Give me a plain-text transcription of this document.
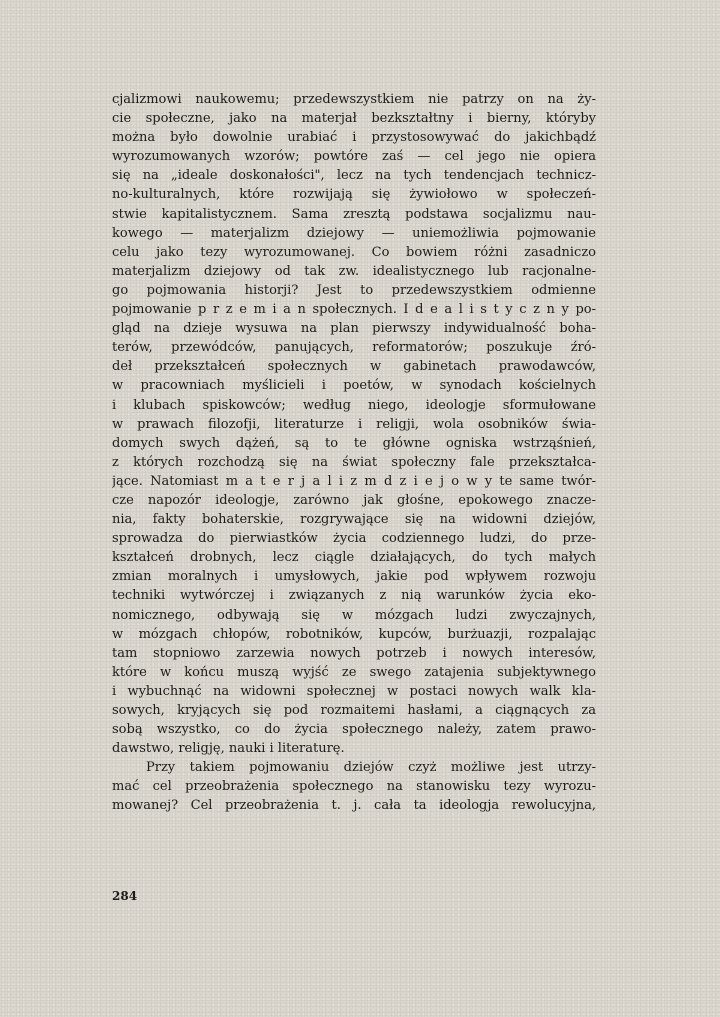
cjalizmowi naukowemu; przedewszystkiem nie patrzy on na ży-
cie społeczne, jako na materjał bezkształtny i bierny, któryby
można było dowolnie urabiać i przystosowywać do jakichbądź
wyrozumowanych wzorów; powtóre zaś — cel jego nie opiera
się na „ideale doskonałości", lecz na tych tendencjach technicz-
no-kulturalnych, które rozwijają się żywiołowo w społeczeń-
stwie kapitalistycznem. Sama zresztą podstawa socjalizmu nau-
kowego — materjalizm dziejowy — uniemożliwia pojmowanie
celu jako tezy wyrozumowanej. Co bowiem różni zasadniczo
materjalizm dziejowy od tak zw. idealistycznego lub racjonalne-
go pojmowania historji? Jest to przedewszystkiem odmienne
pojmowanie p r z e m i a n społecznych. I d e a l i s t y c z n y po-
gląd na dzieje wysuwa na plan pierwszy indywidualność boha-
terów, przewódców, panujących, reformatorów; poszukuje źró-
deł przekształceń społecznych w gabinetach prawodawców,
w pracowniach myślicieli i poetów, w synodach kościelnych
i klubach spiskowców; według niego, ideologje sformułowane
w prawach filozofji, literaturze i religji, wola osobników świa-
domych swych dążeń, są to te główne ogniska wstrząśnień,
z których rozchodzą się na świat społeczny fale przekształca-
jące. Natomiast m a t e r j a l i z m d z i e j o w y te same twór-
cze napozór ideologje, zarówno jak głośne, epokowego znacze-
nia, fakty bohaterskie, rozgrywające się na widowni dziejów,
sprowadza do pierwiastków życia codziennego ludzi, do prze-
kształceń drobnych, lecz ciągle działających, do tych małych
zmian moralnych i umysłowych, jakie pod wpływem rozwoju
techniki wytwórczej i związanych z nią warunków życia eko-
nomicznego, odbywają się w mózgach ludzi zwyczajnych,
w mózgach chłopów, robotników, kupców, burżuazji, rozpalając
tam stopniowo zarzewia nowych potrzeb i nowych interesów,
które w końcu muszą wyjść ze swego zatajenia subjektywnego
i wybuchnąć na widowni społecznej w postaci nowych walk kla-
sowych, kryjących się pod rozmaitemi hasłami, a ciągnących za
sobą wszystko, co do życia społecznego należy, zatem prawo-
dawstwo, religję, nauki i literaturę.
Przy takiem pojmowaniu dziejów czyż możliwe jest utrzy-
mać cel przeobrażenia społecznego na stanowisku tezy wyrozu-
mowanej? Cel przeobrażenia t. j. cała ta ideologja rewolucyjna,
284
